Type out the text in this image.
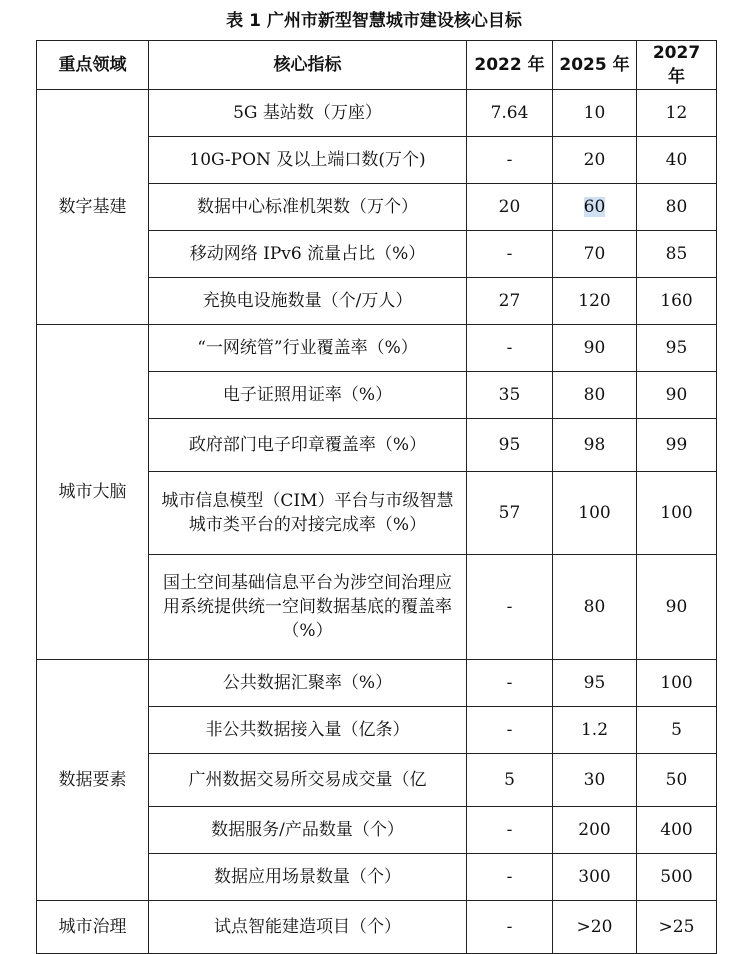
表 1 广州市新型智慧城市建设核心目标
重点领域	核心指标	2022 年	2025 年	2027 年
数字基建	5G 基站数（万座）	7.64	10	12
	10G-PON 及以上端口数(万个)	-	20	40
	数据中心标准机架数（万个）	20	60	80
	移动网络 IPv6 流量占比（%）	-	70	85
	充换电设施数量（个/万人）	27	120	160
城市大脑	“一网统管”行业覆盖率（%）	-	90	95
	电子证照用证率（%）	35	80	90
	政府部门电子印章覆盖率（%）	95	98	99
	城市信息模型（CIM）平台与市级智慧城市类平台的对接完成率（%）	57	100	100
	国土空间基础信息平台为涉空间治理应用系统提供统一空间数据基底的覆盖率（%）	-	80	90
数据要素	公共数据汇聚率（%）	-	95	100
	非公共数据接入量（亿条）	-	1.2	5
	广州数据交易所交易成交量（亿	5	30	50
	数据服务/产品数量（个）	-	200	400
	数据应用场景数量（个）	-	300	500
城市治理	试点智能建造项目（个）	-	>20	>25
